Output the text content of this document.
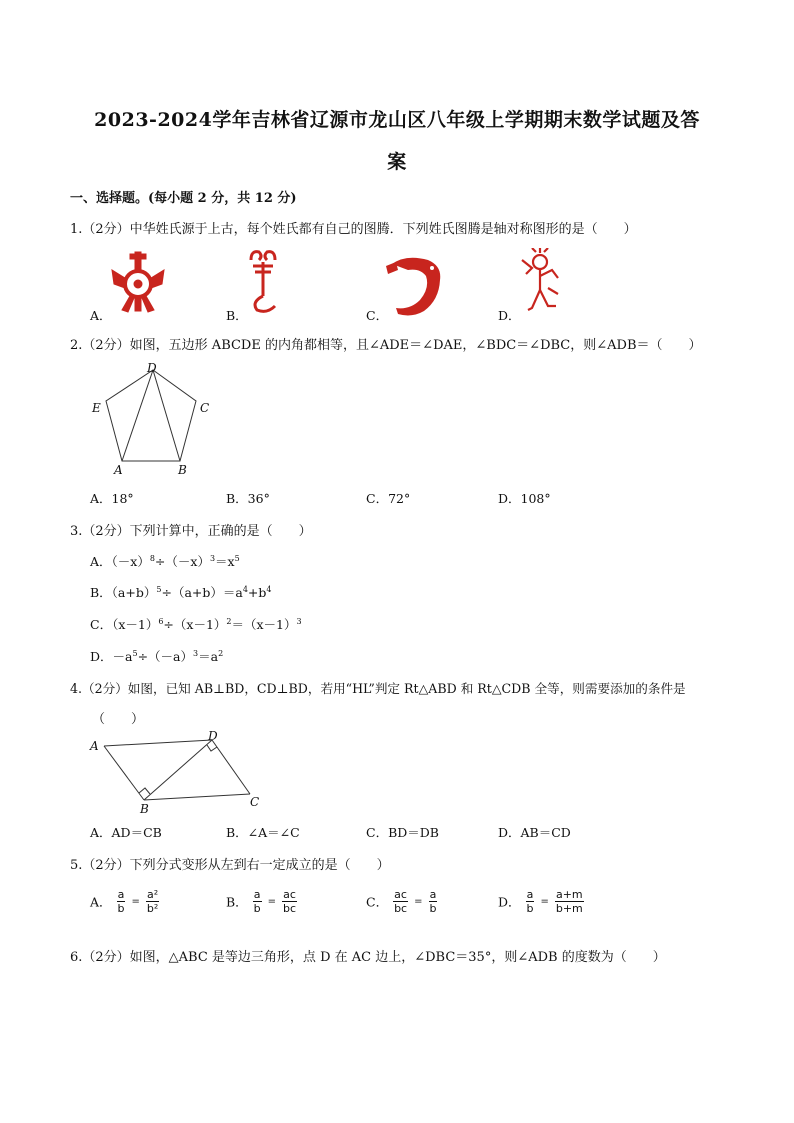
2023-2024学年吉林省辽源市龙山区八年级上学期期末数学试题及答
案
一、选择题。(每小题 2 分，共 12 分)
1.（2分）中华姓氏源于上古，每个姓氏都有自己的图腾．下列姓氏图腾是轴对称图形的是（　　）
A．	B．	C．	D．
2.（2分）如图，五边形 ABCDE 的内角都相等，且∠ADE＝∠DAE，∠BDC＝∠DBC，则∠ADB＝（　　）
D
C
E
A	B
A．18°	B．36°	C．72°	D．108°
3.（2分）下列计算中，正确的是（　　）
A．$(-x)^8\div(-x)^3=x^5$
B．$(a+b)^5\div(a+b)=a^4+b^4$
C．$(x-1)^6\div(x-1)^2=(x-1)^3$
D．$-a^5\div(-a)^3=a^2$
4.（2分）如图，已知 AB⊥BD，CD⊥BD，若用“HL”判定 Rt△ABD 和 Rt△CDB 全等，则需要添加的条件是
（　　）
A
D
B	C
A．AD＝CB	B．∠A＝∠C	C．BD＝DB	D．AB＝CD
5.（2分）下列分式变形从左到右一定成立的是（　　）
A． $\frac{a}{b} = \frac{\text{a²}}{\text{b²}}$	B． $\frac{a}{b} = \frac{ac}{bc}$	C． $\frac{ac}{bc} = \frac{a}{b}$	D． $\frac{a}{b} = \frac{a+m}{b+m}$
6.（2分）如图，△ABC 是等边三角形，点 D 在 AC 边上，∠DBC＝35°，则∠ADB 的度数为（　　）
